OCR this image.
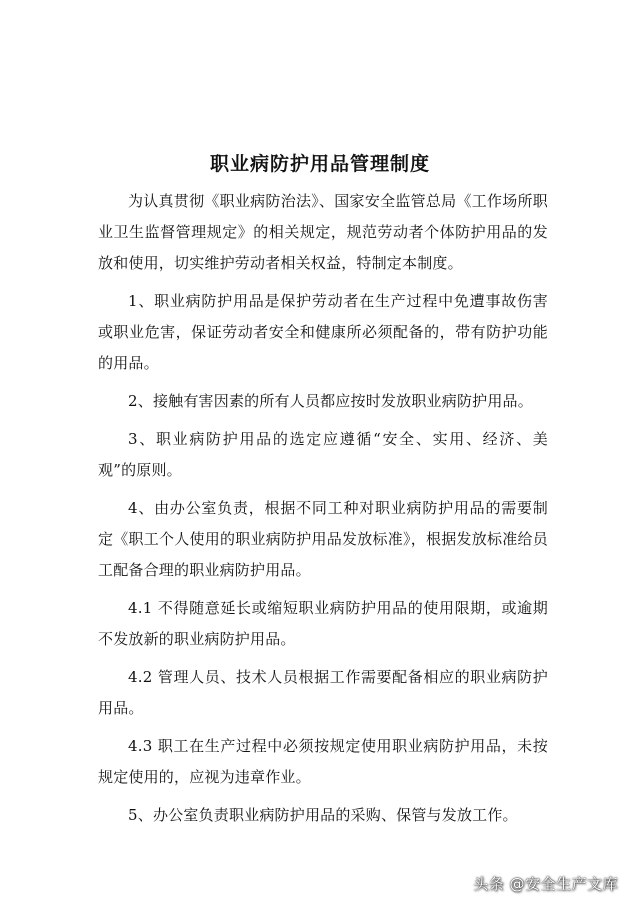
职业病防护用品管理制度

为认真贯彻《职业病防治法》、国家安全监管总局《工作场所职业卫生监督管理规定》的相关规定，规范劳动者个体防护用品的发放和使用，切实维护劳动者相关权益，特制定本制度。

1、职业病防护用品是保护劳动者在生产过程中免遭事故伤害或职业危害，保证劳动者安全和健康所必须配备的，带有防护功能的用品。

2、接触有害因素的所有人员都应按时发放职业病防护用品。

3、职业病防护用品的选定应遵循“安全、实用、经济、美观”的原则。

4、由办公室负责，根据不同工种对职业病防护用品的需要制定《职工个人使用的职业病防护用品发放标准》，根据发放标准给员工配备合理的职业病防护用品。

4.1 不得随意延长或缩短职业病防护用品的使用限期，或逾期不发放新的职业病防护用品。

4.2 管理人员、技术人员根据工作需要配备相应的职业病防护用品。

4.3 职工在生产过程中必须按规定使用职业病防护用品，未按规定使用的，应视为违章作业。

5、办公室负责职业病防护用品的采购、保管与发放工作。

头条 @安全生产文库
